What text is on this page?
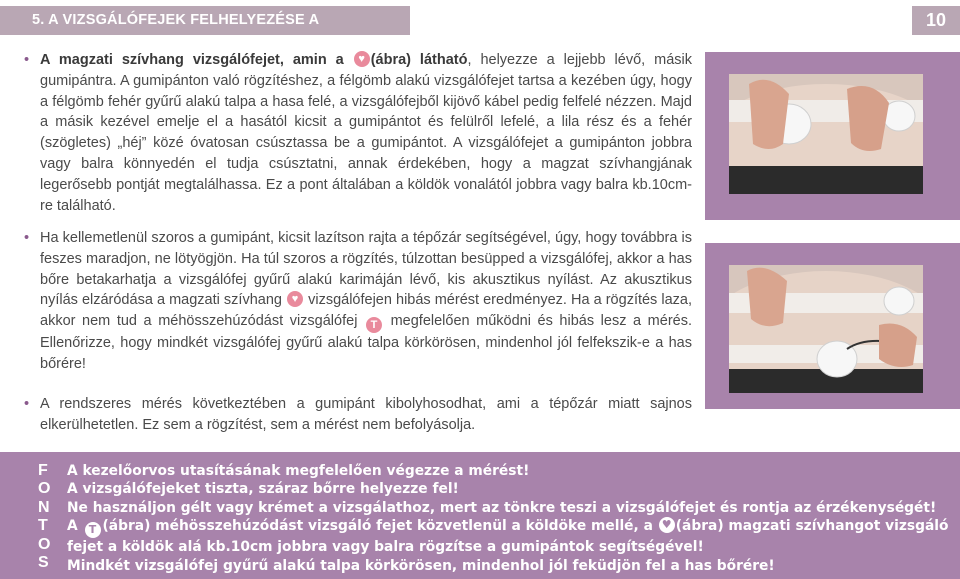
5. A VIZSGÁLÓFEJEK FELHELYEZÉSE A GUMIPÁNTRA
10

• A magzati szívhang vizsgálófejet, amin a ♥ (ábra) látható, helyezze a lejjebb lévő, másik gumipántra. A gumipánton való rögzítéshez, a félgömb alakú vizsgálófejet tartsa a kezében úgy, hogy a félgömb fehér gyűrű alakú talpa a hasa felé, a vizsgálófejből kijövő kábel pedig felfelé nézzen. Majd a másik kezével emelje el a hasától kicsit a gumipántot és felülről lefelé, a lila rész és a fehér (szögletes) „héj” közé óvatosan csúsztassa be a gumipántot. A vizsgálófejet a gumipánton jobbra vagy balra könnyedén el tudja csúsztatni, annak érdekében, hogy a magzat szívhangjának legerősebb pontját megtalálhassa. Ez a pont általában a köldök vonalától jobbra vagy balra kb.10cm-re található.

• Ha kellemetlenül szoros a gumipánt, kicsit lazítson rajta a tépőzár segítségével, úgy, hogy továbbra is feszes maradjon, ne lötyögjön. Ha túl szoros a rögzítés, túlzottan besüpped a vizsgálófej, akkor a has bőre betakarhatja a vizsgálófej gyűrű alakú karimáján lévő, kis akusztikus nyílást. Az akusztikus nyílás elzáródása a magzati szívhang ♥ vizsgálófejen hibás mérést eredményez. Ha a rögzítés laza, akkor nem tud a méhösszehúzódást vizsgálófej T megfelelően működni és hibás lesz a mérés. Ellenőrizze, hogy mindkét vizsgálófej gyűrű alakú talpa körkörösen, mindenhol jól felfekszik-e a has bőrére!

• A rendszeres mérés következtében a gumipánt kibolyhosodhat, ami a tépőzár miatt sajnos elkerülhetetlen. Ez sem a rögzítést, sem a mérést nem befolyásolja.

F
O
N
T
O
S
A kezelőorvos utasításának megfelelően végezze a mérést!
A vizsgálófejeket tiszta, száraz bőrre helyezze fel!
Ne használjon gélt vagy krémet a vizsgálathoz, mert az tönkre teszi a vizsgálófejet és rontja az érzékenységét!
A T (ábra) méhösszehúzódást vizsgáló fejet közvetlenül a köldöke mellé, a ♥ (ábra) magzati szívhangot vizsgáló
fejet a köldök alá kb.10cm jobbra vagy balra rögzítse a gumipántok segítségével!
Mindkét vizsgálófej gyűrű alakú talpa körkörösen, mindenhol jól feküdjön fel a has bőrére!
